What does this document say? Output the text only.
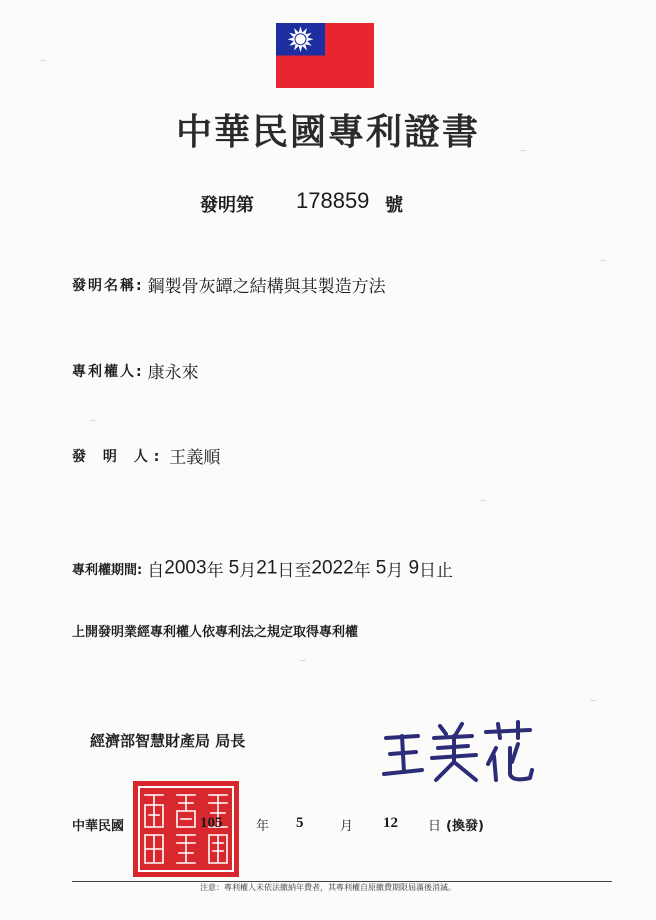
中華民國專利證書
發明第 178859 號
發明名稱: 鋼製骨灰罈之結構與其製造方法
專利權人: 康永來
發 明 人: 王義順
專利權期間: 自2003年 5月21日至2022年 5月 9日止
上開發明業經專利權人依專利法之規定取得專利權
經濟部智慧財產局 局長
中華民國	105	年 5	月 12 日 (換發)
注意：專利權人未依法繳納年費者，其專利權自原繳費期限屆滿後消滅。
